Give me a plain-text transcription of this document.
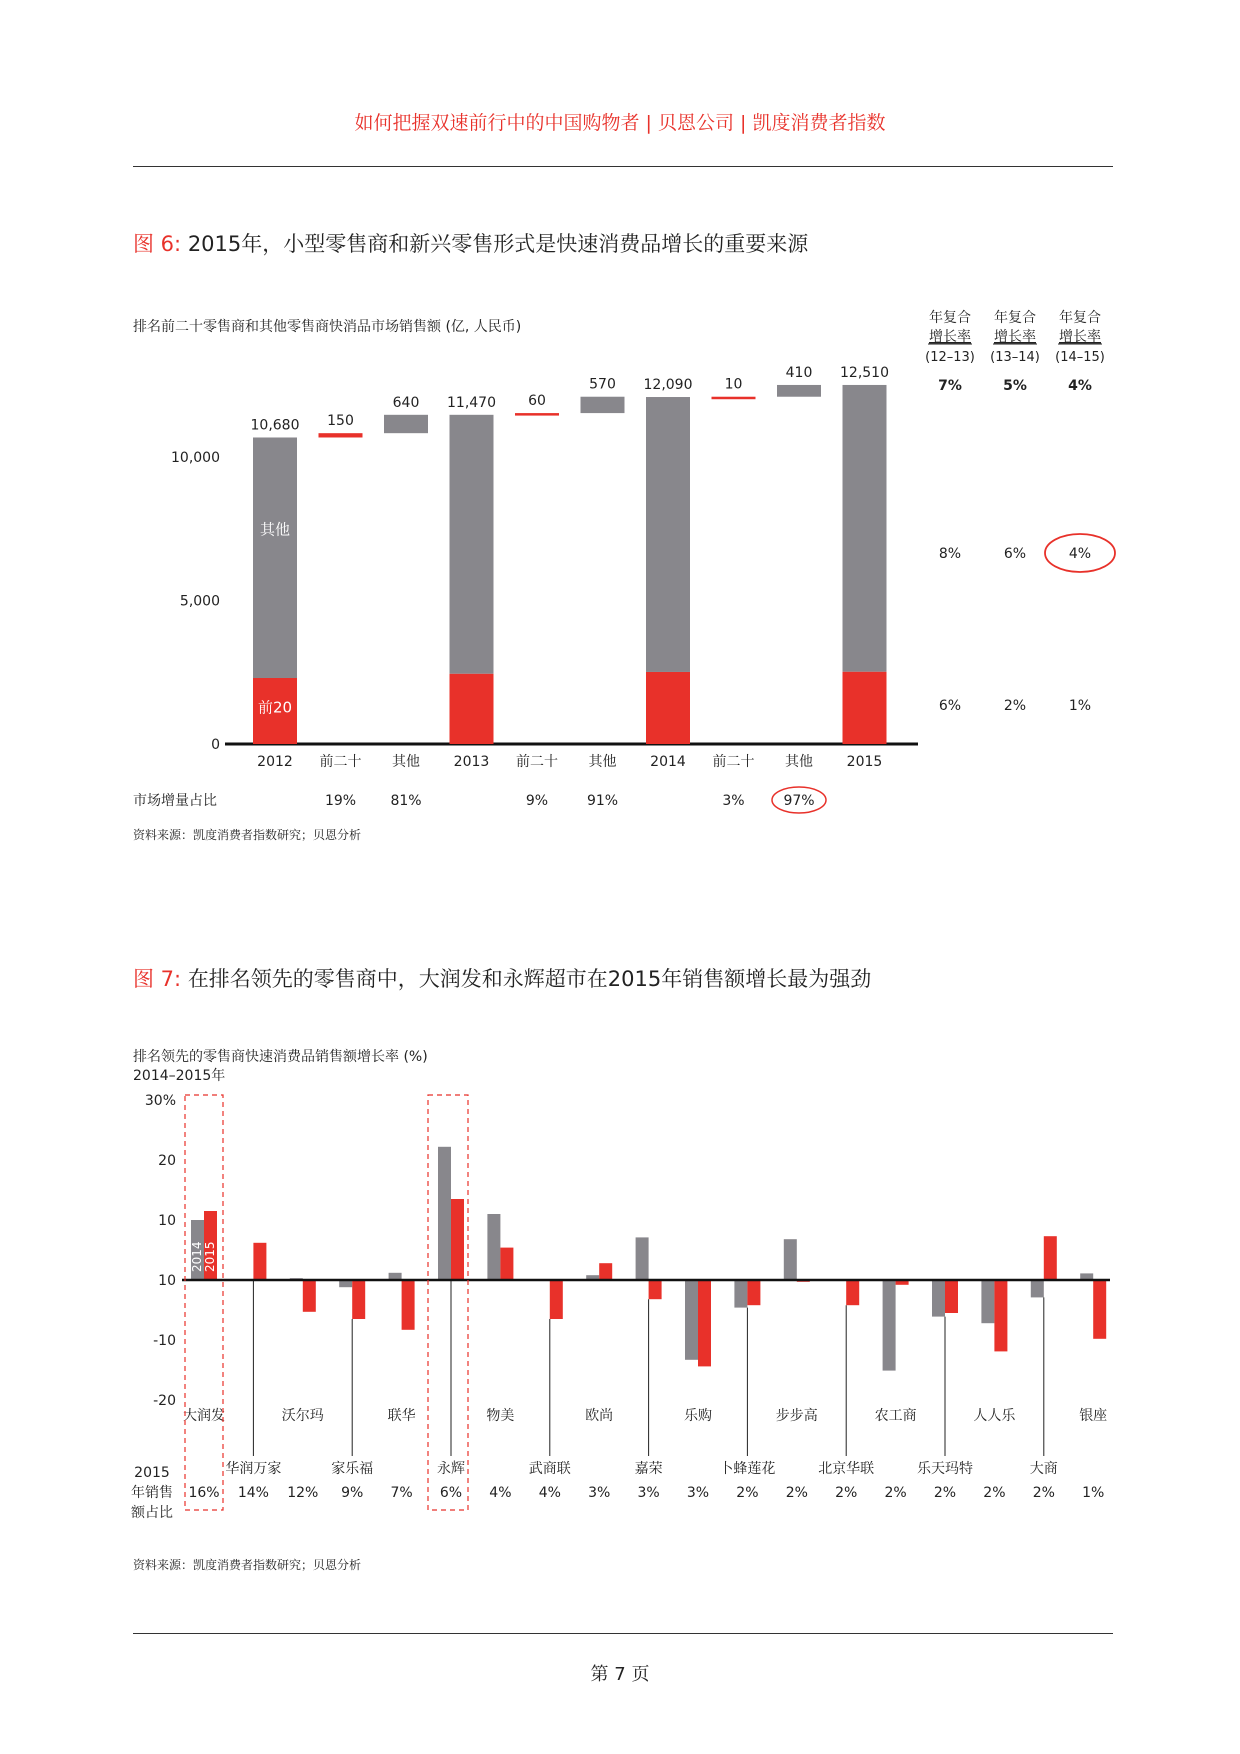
如何把握双速前行中的中国购物者 | 贝恩公司 | 凯度消费者指数
图 6: 2015年，小型零售商和新兴零售形式是快速消费品增长的重要来源
排名前二十零售商和其他零售商快消品市场销售额 (亿, 人民币)
0
5,000
10,000
10,680
2012
150
前二十
19%
640
其他
81%
11,470
2013
60
前二十
9%
570
其他
91%
12,090
2014
10
前二十
3%
410
其他
97%
12,510
2015
其他
前20
市场增量占比
年复合
增长率
(12–13)
7%
8%
6%
年复合
增长率
(13–14)
5%
6%
2%
年复合
增长率
(14–15)
4%
4%
1%
资料来源：凯度消费者指数研究；贝恩分析
图 7: 在排名领先的零售商中，大润发和永辉超市在2015年销售额增长最为强劲
排名领先的零售商快速消费品销售额增长率 (%)
2014–2015年
30%
20
10
10
-10
-20
大润发
16%
华润万家
14%
沃尔玛
12%
家乐福
9%
联华
7%
永辉
6%
物美
4%
武商联
4%
欧尚
3%
嘉荣
3%
乐购
3%
卜蜂莲花
2%
步步高
2%
北京华联
2%
农工商
2%
乐天玛特
2%
人人乐
2%
大商
2%
银座
1%
2014 2015
2015
年销售
额占比
资料来源：凯度消费者指数研究；贝恩分析
第 7 页
